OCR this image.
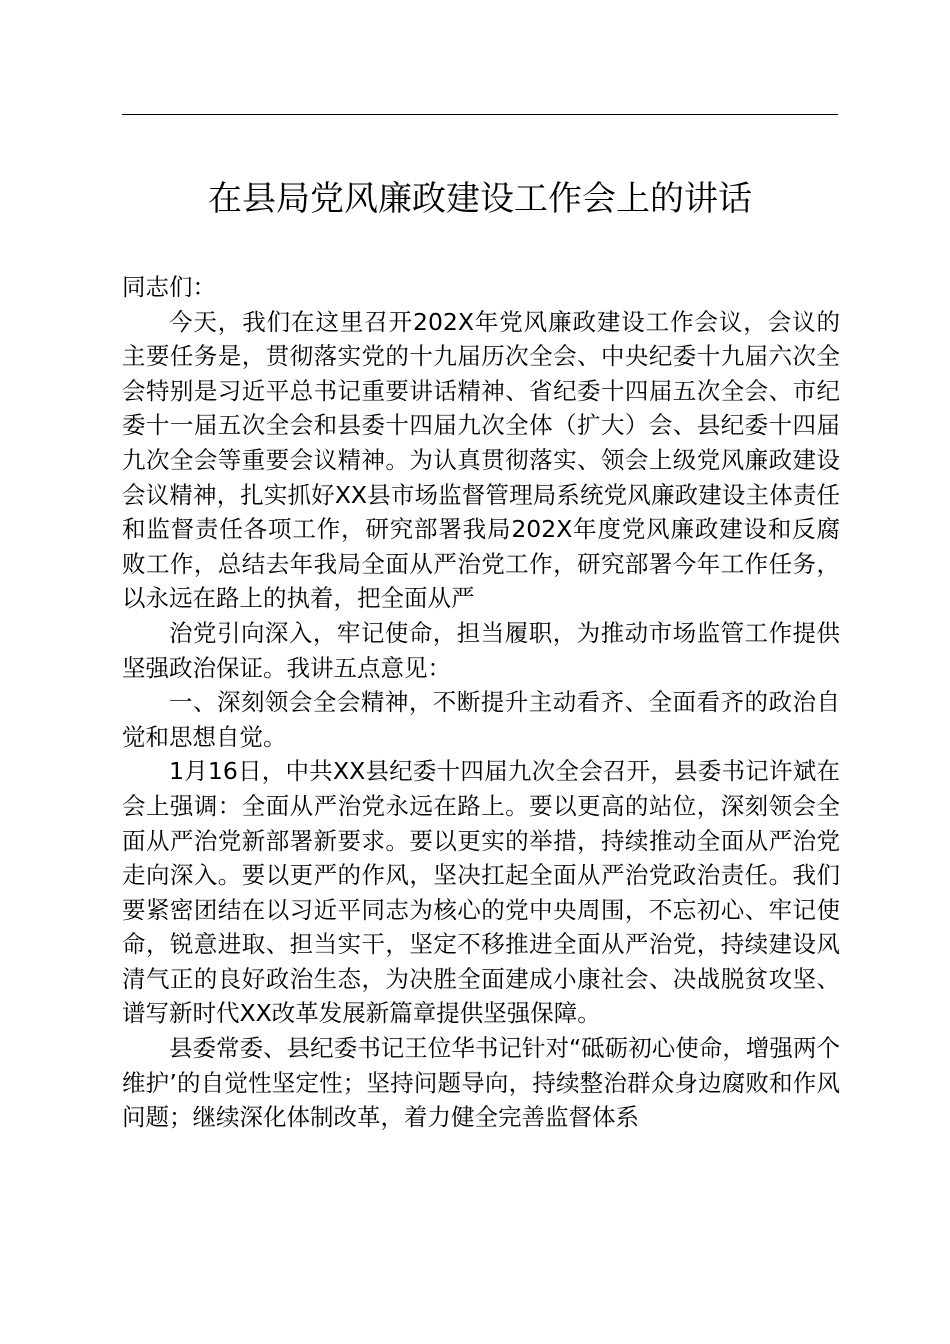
在县局党风廉政建设工作会上的讲话

同志们：

今天，我们在这里召开202X年党风廉政建设工作会议，会议的主要任务是，贯彻落实党的十九届历次全会、中央纪委十九届六次全会特别是习近平总书记重要讲话精神、省纪委十四届五次全会、市纪委十一届五次全会和县委十四届九次全体（扩大）会、县纪委十四届九次全会等重要会议精神。为认真贯彻落实、领会上级党风廉政建设会议精神，扎实抓好XX县市场监督管理局系统党风廉政建设主体责任和监督责任各项工作，研究部署我局202X年度党风廉政建设和反腐败工作，总结去年我局全面从严治党工作，研究部署今年工作任务，以永远在路上的执着，把全面从严

治党引向深入，牢记使命，担当履职，为推动市场监管工作提供坚强政治保证。我讲五点意见：

一、深刻领会全会精神，不断提升主动看齐、全面看齐的政治自觉和思想自觉。

1月16日，中共XX县纪委十四届九次全会召开，县委书记许斌在会上强调：全面从严治党永远在路上。要以更高的站位，深刻领会全面从严治党新部署新要求。要以更实的举措，持续推动全面从严治党走向深入。要以更严的作风，坚决扛起全面从严治党政治责任。我们要紧密团结在以习近平同志为核心的党中央周围，不忘初心、牢记使命，锐意进取、担当实干，坚定不移推进全面从严治党，持续建设风清气正的良好政治生态，为决胜全面建成小康社会、决战脱贫攻坚、谱写新时代XX改革发展新篇章提供坚强保障。

县委常委、县纪委书记王位华书记针对“砥砺初心使命，增强两个维护’的自觉性坚定性；坚持问题导向，持续整治群众身边腐败和作风问题；继续深化体制改革，着力健全完善监督体系
